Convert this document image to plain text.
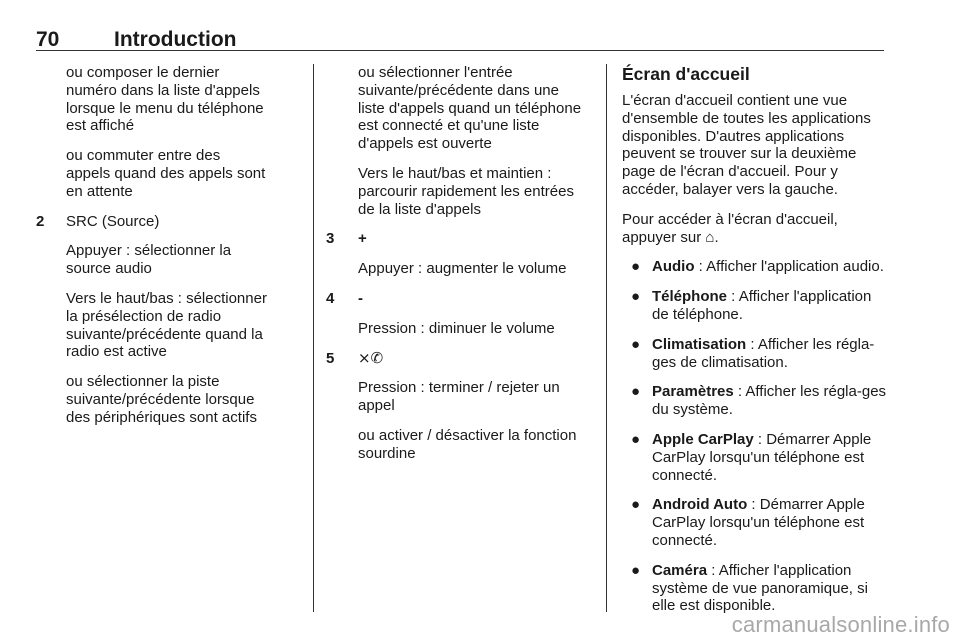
70	Introduction

ou composer le dernier numéro dans la liste d'appels lorsque le menu du téléphone est affiché

ou commuter entre des appels quand des appels sont en attente

2 SRC (Source)

Appuyer : sélectionner la source audio

Vers le haut/bas : sélectionner la présélection de radio suivante/précédente quand la radio est active

ou sélectionner la piste suivante/précédente lorsque des périphériques sont actifs

ou sélectionner l'entrée suivante/précédente dans une liste d'appels quand un téléphone est connecté et qu'une liste d'appels est ouverte

Vers le haut/bas et maintien : parcourir rapidement les entrées de la liste d'appels

3 +

Appuyer : augmenter le volume

4 -

Pression : diminuer le volume

5 ⨯✆

Pression : terminer / rejeter un appel

ou activer / désactiver la fonction sourdine

Écran d'accueil

L'écran d'accueil contient une vue d'ensemble de toutes les applications disponibles. D'autres applications peuvent se trouver sur la deuxième page de l'écran d'accueil. Pour y accéder, balayer vers la gauche.

Pour accéder à l'écran d'accueil, appuyer sur ⌂.

● Audio : Afficher l'application audio.
● Téléphone : Afficher l'application de téléphone.
● Climatisation : Afficher les régla-ges de climatisation.
● Paramètres : Afficher les régla-ges du système.
● Apple CarPlay : Démarrer Apple CarPlay lorsqu'un téléphone est connecté.
● Android Auto : Démarrer Apple CarPlay lorsqu'un téléphone est connecté.
● Caméra : Afficher l'application système de vue panoramique, si elle est disponible.
carmanualsonline.info
